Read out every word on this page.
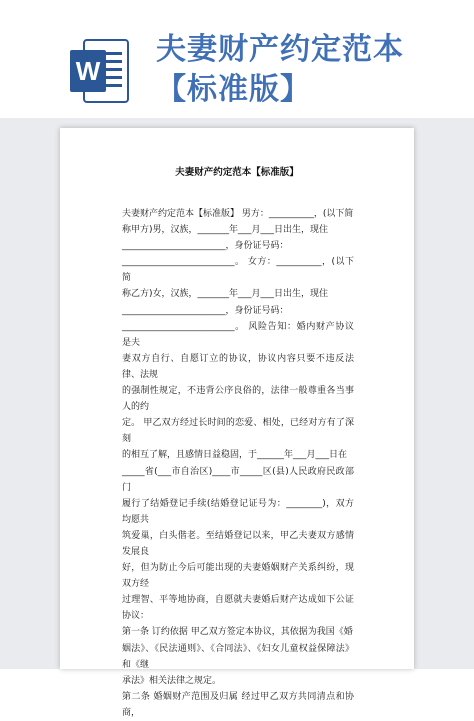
W
夫妻财产约定范本【标准版】
夫妻财产约定范本【标准版】

夫妻财产约定范本【标准版】 男方：__________，(以下简

称甲方)男，汉族，_______年___月___日出生，现住

_______________________，身份证号码：

_________________________。 女方：__________，(以下简

称乙方)女，汉族，_______年___月___日出生，现住

_______________________，身份证号码：

_________________________。 风险告知：婚内财产协议是夫

妻双方自行、自愿订立的协议，协议内容只要不违反法律、法规

的强制性规定，不违背公序良俗的，法律一般尊重各当事人的约

定。 甲乙双方经过长时间的恋爱、相处，已经对方有了深刻

的相互了解，且感情日益稳固，于______年___月___日在

_____省(___市自治区)____市_____区(县)人民政府民政部门

履行了结婚登记手续(结婚登记证号为：________)，双方均愿共

筑爱巢，白头偕老。至结婚登记以来，甲乙夫妻双方感情发展良

好，但为防止今后可能出现的夫妻婚姻财产关系纠纷，现双方经

过理智、平等地协商，自愿就夫妻婚后财产达成如下公证协议：

第一条 订约依据 甲乙双方签定本协议，其依据为我国《婚

姻法》、《民法通则》、《合同法》、《妇女儿童权益保障法》和《继

承法》相关法律之规定。

第二条 婚姻财产范围及归属 经过甲乙双方共同清点和协商，
